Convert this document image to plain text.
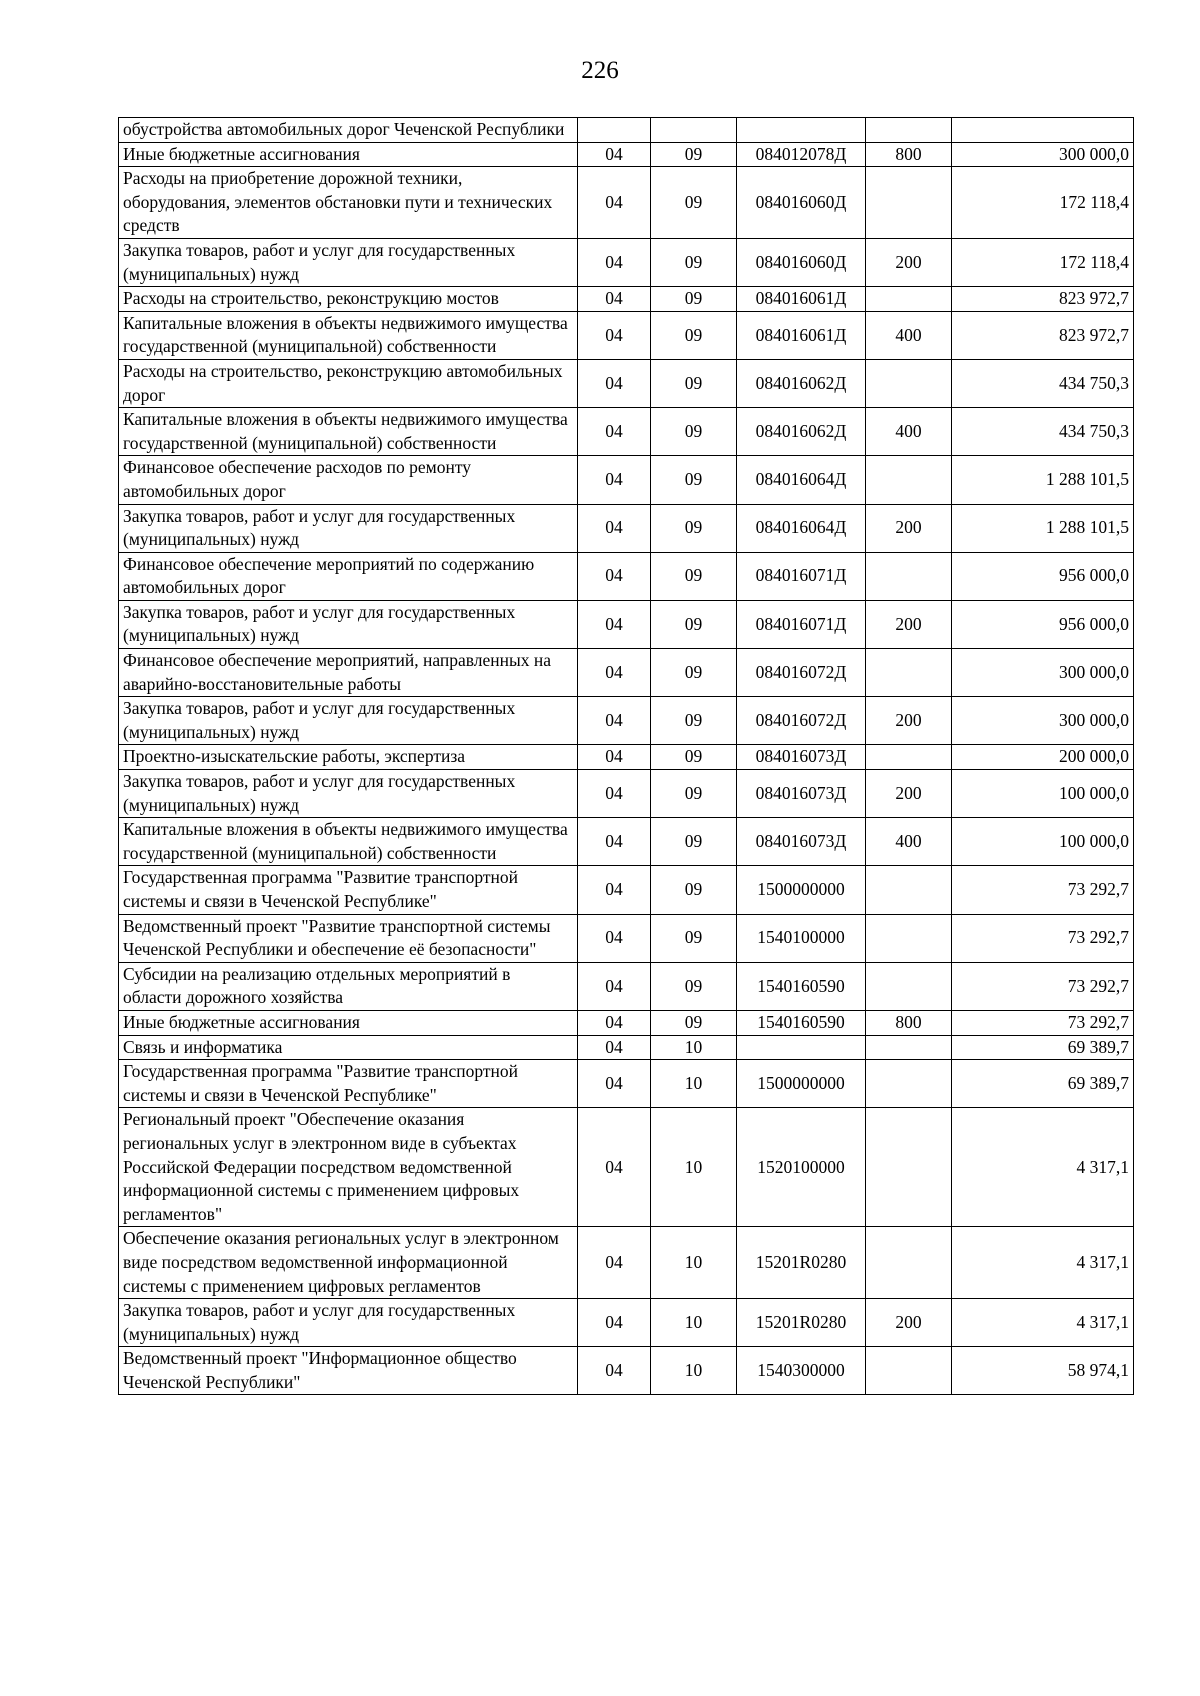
226
обустройства автомобильных дорог Чеченской Республики					
Иные бюджетные ассигнования	04	09	084012078Д	800	300 000,0
Расходы на приобретение дорожной техники, оборудования, элементов обстановки пути и технических средств	04	09	084016060Д		172 118,4
Закупка товаров, работ и услуг для государственных (муниципальных) нужд	04	09	084016060Д	200	172 118,4
Расходы на строительство, реконструкцию мостов	04	09	084016061Д		823 972,7
Капитальные вложения в объекты недвижимого имущества государственной (муниципальной) собственности	04	09	084016061Д	400	823 972,7
Расходы на строительство, реконструкцию автомобильных дорог	04	09	084016062Д		434 750,3
Капитальные вложения в объекты недвижимого имущества государственной (муниципальной) собственности	04	09	084016062Д	400	434 750,3
Финансовое обеспечение расходов по ремонту автомобильных дорог	04	09	084016064Д		1 288 101,5
Закупка товаров, работ и услуг для государственных (муниципальных) нужд	04	09	084016064Д	200	1 288 101,5
Финансовое обеспечение мероприятий по содержанию автомобильных дорог	04	09	084016071Д		956 000,0
Закупка товаров, работ и услуг для государственных (муниципальных) нужд	04	09	084016071Д	200	956 000,0
Финансовое обеспечение мероприятий, направленных на аварийно-восстановительные работы	04	09	084016072Д		300 000,0
Закупка товаров, работ и услуг для государственных (муниципальных) нужд	04	09	084016072Д	200	300 000,0
Проектно-изыскательские работы, экспертиза	04	09	084016073Д		200 000,0
Закупка товаров, работ и услуг для государственных (муниципальных) нужд	04	09	084016073Д	200	100 000,0
Капитальные вложения в объекты недвижимого имущества государственной (муниципальной) собственности	04	09	084016073Д	400	100 000,0
Государственная программа "Развитие транспортной системы и связи в Чеченской Республике"	04	09	1500000000		73 292,7
Ведомственный проект "Развитие транспортной системы Чеченской Республики и обеспечение её безопасности"	04	09	1540100000		73 292,7
Субсидии на реализацию отдельных мероприятий в области дорожного хозяйства	04	09	1540160590		73 292,7
Иные бюджетные ассигнования	04	09	1540160590	800	73 292,7
Связь и информатика	04	10			69 389,7
Государственная программа "Развитие транспортной системы и связи в Чеченской Республике"	04	10	1500000000		69 389,7
Региональный проект "Обеспечение оказания региональных услуг в электронном виде в субъектах Российской Федерации посредством ведомственной информационной системы с применением цифровых регламентов"	04	10	1520100000		4 317,1
Обеспечение оказания региональных услуг в электронном виде посредством ведомственной информационной системы с применением цифровых регламентов	04	10	15201R0280		4 317,1
Закупка товаров, работ и услуг для государственных (муниципальных) нужд	04	10	15201R0280	200	4 317,1
Ведомственный проект "Информационное общество Чеченской Республики"	04	10	1540300000		58 974,1
